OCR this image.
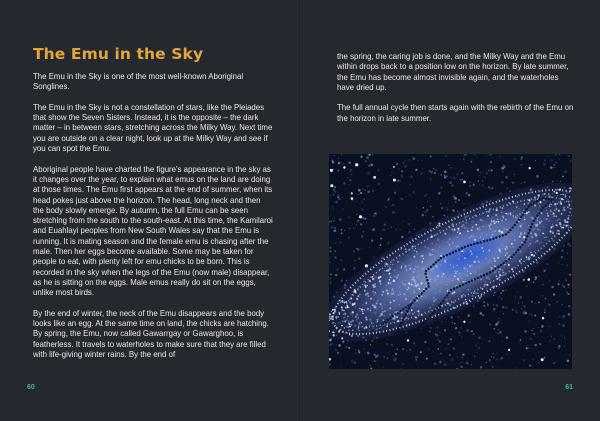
The Emu in the Sky

The Emu in the Sky is one of the most well-known Aboriginal Songlines.

The Emu in the Sky is not a constellation of stars, like the Pleiades that show the Seven Sisters. Instead, it is the opposite – the dark matter – in between stars, stretching across the Milky Way. Next time you are outside on a clear night, look up at the Milky Way and see if you can spot the Emu.

Aboriginal people have charted the figure's appearance in the sky as it changes over the year, to explain what emus on the land are doing at those times. The Emu first appears at the end of summer, when its head pokes just above the horizon. The head, long neck and then the body slowly emerge. By autumn, the full Emu can be seen stretching from the south to the south-east. At this time, the Kamilaroi and Euahlayi peoples from New South Wales say that the Emu is running. It is mating season and the female emu is chasing after the male. Then her eggs become available. Some may be taken for people to eat, with plenty left for emu chicks to be born. This is recorded in the sky when the legs of the Emu (now male) disappear, as he is sitting on the eggs. Male emus really do sit on the eggs, unlike most birds.

By the end of winter, the neck of the Emu disappears and the body looks like an egg. At the same time on land, the chicks are hatching. By spring, the Emu, now called Gawarrgay or Gawarghoo, is featherless. It travels to waterholes to make sure that they are filled with life-giving winter rains. By the end of

60

the spring, the caring job is done, and the Milky Way and the Emu within drops back to a position low on the horizon. By late summer, the Emu has become almost invisible again, and the waterholes have dried up.

The full annual cycle then starts again with the rebirth of the Emu on the horizon in late summer.

61
